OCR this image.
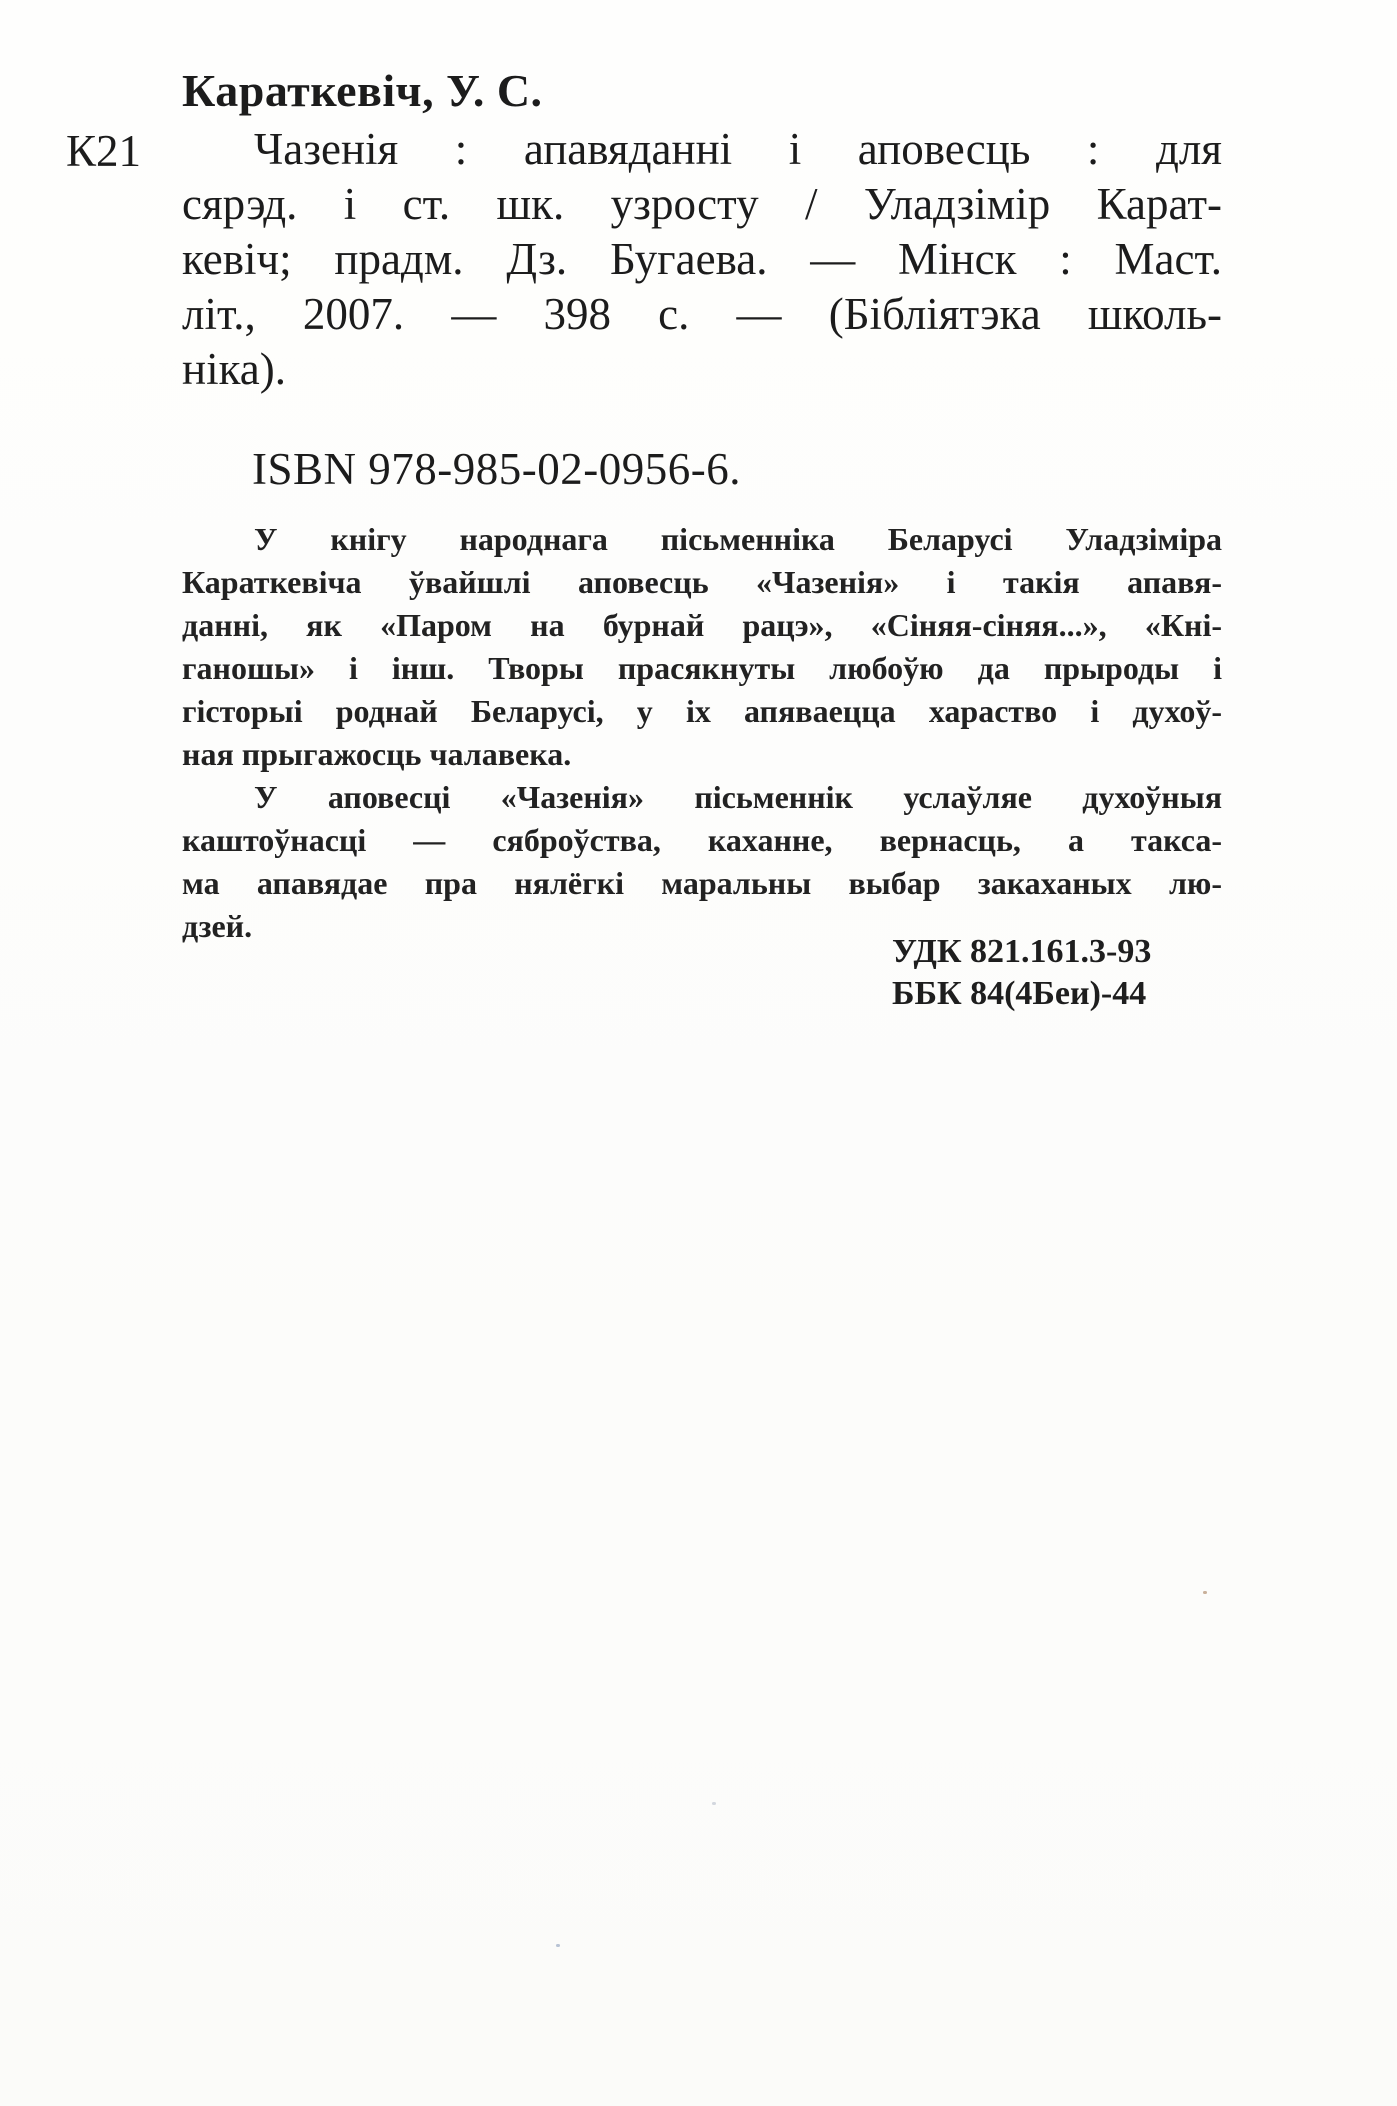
Караткевіч, У. С.
К21	Чазенія : апавяданні і аповесць : для
сярэд. і ст. шк. узросту / Уладзімір Карат-
кевіч; прадм. Дз. Бугаева. — Мінск : Маст.
літ., 2007. — 398 с. — (Бібліятэка школь-
ніка).
ISBN 978-985-02-0956-6.

У кнігу народнага пісьменніка Беларусі Уладзіміра
Караткевіча ўвайшлі аповесць «Чазенія» і такія апавя-
данні, як «Паром на бурнай рацэ», «Сіняя-сіняя...», «Кні-
ганошы» і інш. Творы прасякнуты любоўю да прыроды і
гісторыі роднай Беларусі, у іх апяваецца хараство і духоў-
ная прыгажосць чалавека.

У аповесці «Чазенія» пісьменнік услаўляе духоўныя
каштоўнасці — сяброўства, каханне, вернасць, а такса-
ма апавядае пра нялёгкі маральны выбар закаханых лю-
дзей.

УДК 821.161.3-93
ББК 84(4Беи)-44
